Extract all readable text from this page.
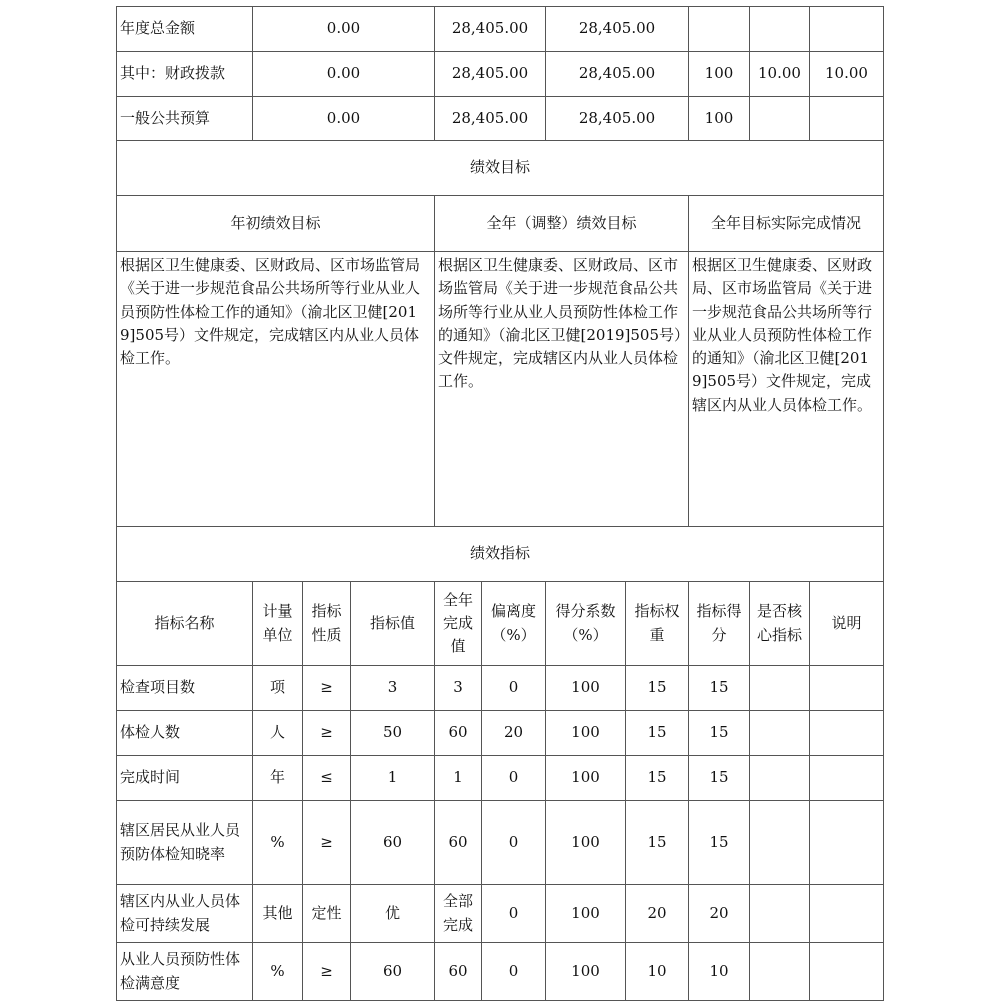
年度总金额	0.00			28,405.00		28,405.00				
其中：财政拨款	0.00			28,405.00		28,405.00		100	10.00	10.00
一般公共预算	0.00			28,405.00		28,405.00		100		
绩效目标										
年初绩效目标				全年（调整）绩效目标				全年目标实际完成情况		
根据区卫生健康委、区财政局、区市场监管局《关于进一步规范食品公共场所等行业从业人员预防性体检工作的通知》（渝北区卫健[2019]505号）文件规定，完成辖区内从业人员体检工作。				根据区卫生健康委、区财政局、区市场监管局《关于进一步规范食品公共场所等行业从业人员预防性体检工作的通知》（渝北区卫健[2019]505号）文件规定，完成辖区内从业人员体检工作。				根据区卫生健康委、区财政局、区市场监管局《关于进一步规范食品公共场所等行业从业人员预防性体检工作的通知》（渝北区卫健[2019]505号）文件规定，完成辖区内从业人员体检工作。		
绩效指标										
指标名称	计量单位	指标性质	指标值	全年完成值	偏离度（%）	得分系数（%）	指标权重	指标得分	是否核心指标	说明
检查项目数	项	≥	3	3	0	100	15	15		
体检人数	人	≥	50	60	20	100	15	15		
完成时间	年	≤	1	1	0	100	15	15		
辖区居民从业人员预防体检知晓率	%	≥	60	60	0	100	15	15		
辖区内从业人员体检可持续发展	其他	定性	优	全部完成	0	100	20	20		
从业人员预防性体检满意度	%	≥	60	60	0	100	10	10		
